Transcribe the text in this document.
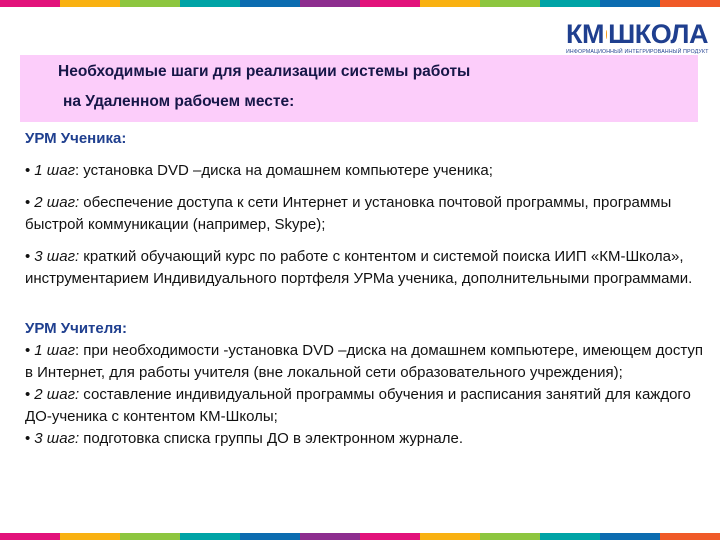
КМ ШКОЛА
ИНФОРМАЦИОННЫЙ ИНТЕГРИРОВАННЫЙ ПРОДУКТ
Необходимые шаги для реализации системы работы
на Удаленном рабочем месте:
УРМ Ученика:

• 1 шаг: установка DVD –диска на домашнем компьютере ученика;

• 2 шаг: обеспечение доступа к сети Интернет и установка почтовой программы, программы быстрой коммуникации (например, Skype);

• 3 шаг: краткий обучающий курс по работе с контентом и системой поиска ИИП «КМ-Школа», инструментарием Индивидуального портфеля УРМа ученика, дополнительными программами.

УРМ Учителя:

• 1 шаг: при необходимости -установка DVD –диска на домашнем компьютере, имеющем доступ в Интернет, для работы учителя (вне локальной сети образовательного учреждения);

• 2 шаг: составление индивидуальной программы обучения и расписания занятий для каждого ДО-ученика с контентом КМ-Школы;

• 3 шаг: подготовка списка группы ДО в электронном журнале.
